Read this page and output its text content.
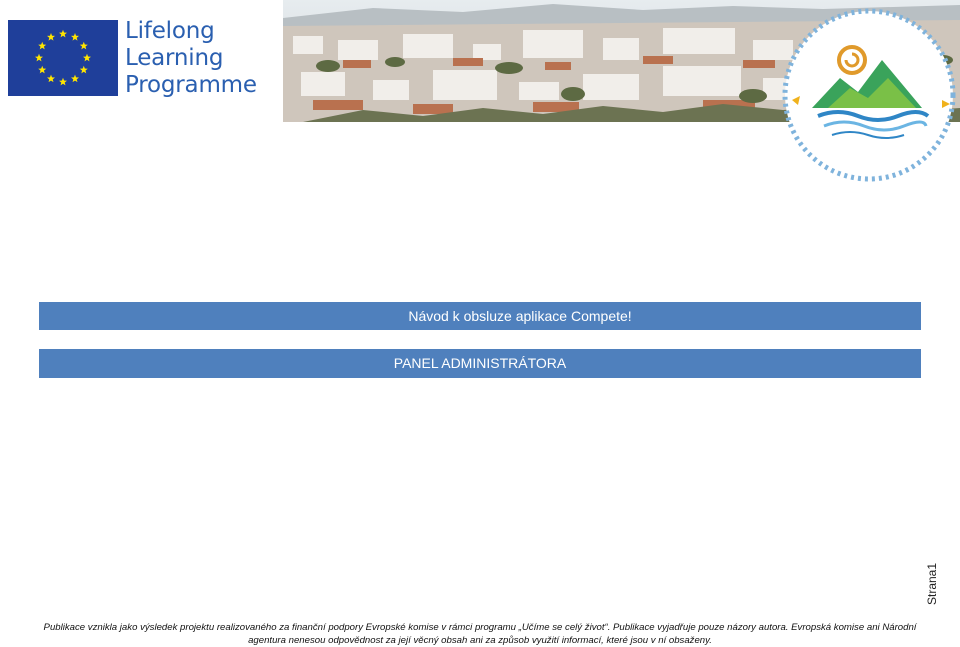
Lifelong
Learning
Programme
Návod k obsluze aplikace Compete!
PANEL ADMINISTRÁTORA
Strana1
Publikace vznikla jako výsledek projektu realizovaného za finanční podpory Evropské komise v rámci programu „Učíme se celý život“. Publikace vyjadřuje pouze názory autora. Evropská komise ani Národní
agentura nenesou odpovědnost za její věcný obsah ani za způsob využití informací, které jsou v ní obsaženy.
